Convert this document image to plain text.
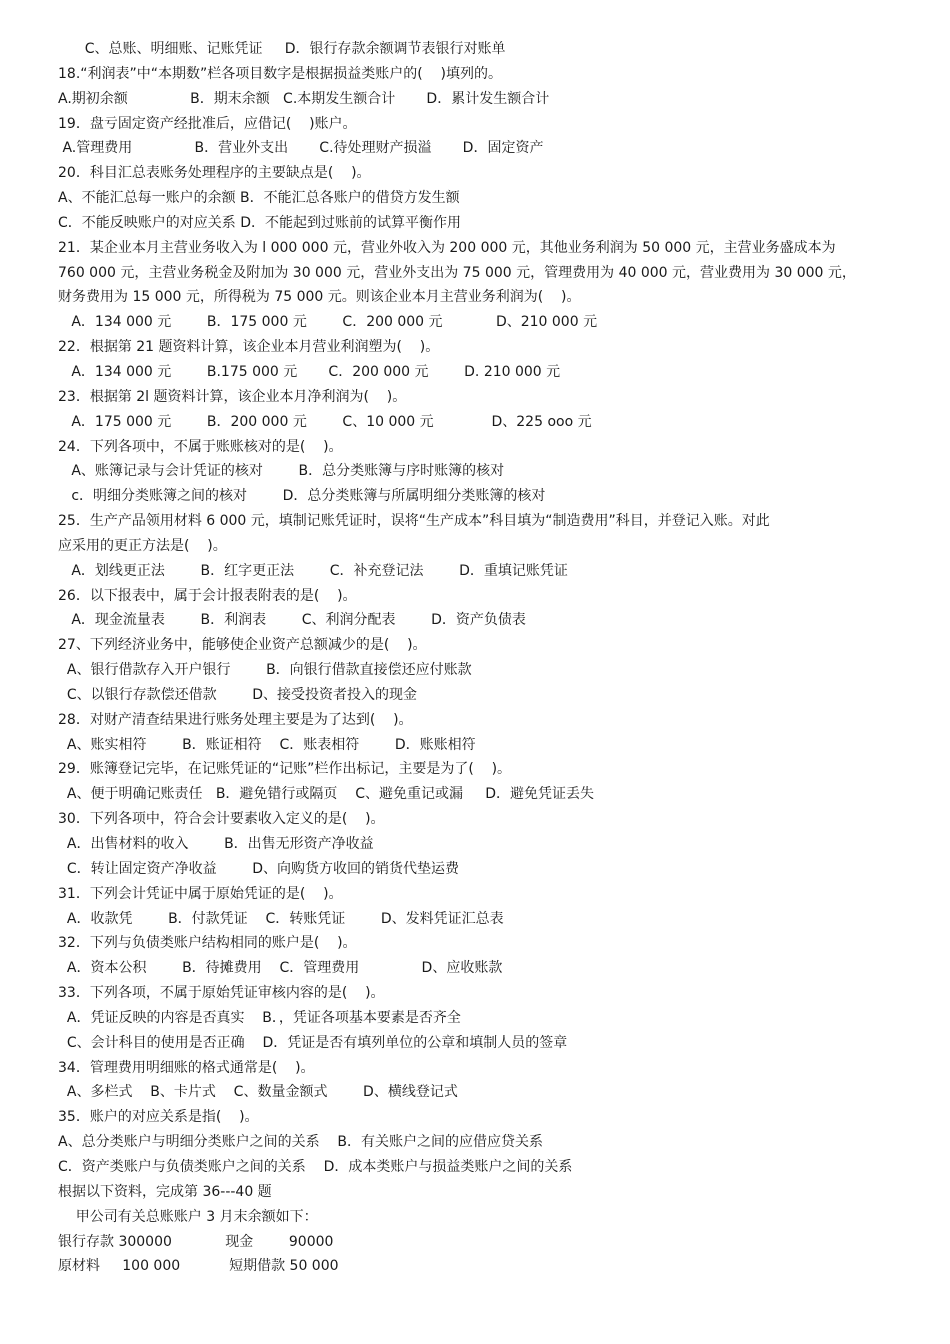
C、总账、明细账、记账凭证     D．银行存款余额调节表银行对账单
18.“利润表”中“本期数”栏各项目数字是根据损益类账户的(    )填列的。
A.期初余额              B．期末余额   C.本期发生额合计       D．累计发生额合计
19．盘亏固定资产经批准后，应借记(    )账户。
A.管理费用              B．营业外支出       C.待处理财产损溢       D．固定资产
20．科目汇总表账务处理程序的主要缺点是(    )。
A、不能汇总每一账户的余额 B．不能汇总各账户的借贷方发生额
C．不能反映账户的对应关系 D．不能起到过账前的试算平衡作用
21．某企业本月主营业务收入为 l 000 000 元，营业外收入为 200 000 元，其他业务利润为 50 000 元，主营业务盛成本为
760 000 元，主营业务税金及附加为 30 000 元，营业外支出为 75 000 元，管理费用为 40 000 元，营业费用为 30 000 元，
财务费用为 15 000 元，所得税为 75 000 元。则该企业本月主营业务利润为(    )。
A．134 000 元        B．175 000 元        C．200 000 元            D、210 000 元
22．根据第 21 题资料计算，该企业本月营业利润塑为(    )。
A．134 000 元        B.175 000 元       C．200 000 元        D. 210 000 元
23．根据第 2l 题资料计算，该企业本月净利润为(    )。
A．175 000 元        B．200 000 元        C、10 000 元             D、225 ooo 元
24．下列各项中，不属于账账核对的是(    )。
A、账簿记录与会计凭证的核对        B．总分类账簿与序时账簿的核对
c．明细分类账簿之间的核对        D．总分类账簿与所属明细分类账簿的核对
25．生产产品领用材料 6 000 元，填制记账凭证时，误将“生产成本”科目填为“制造费用”科目，并登记入账。对此
应采用的更正方法是(    )。
A．划线更正法        B．红字更正法        C．补充登记法        D．重填记账凭证
26．以下报表中，属于会计报表附表的是(    )。
A．现金流量表        B．利润表        C、利润分配表        D．资产负债表
27、下列经济业务中，能够使企业资产总额减少的是(    )。
A、银行借款存入开户银行        B．向银行借款直接偿还应付账款
C、以银行存款偿还借款        D、接受投资者投入的现金
28．对财产清查结果进行账务处理主要是为了达到(    )。
A、账实相符        B．账证相符    C．账表相符        D．账账相符
29．账簿登记完毕，在记账凭证的“记账”栏作出标记，主要是为了(    )。
A、便于明确记账责任   B．避免错行或隔页    C、避免重记或漏     D．避免凭证丢失
30．下列各项中，符合会计要素收入定义的是(    )。
A．出售材料的收入        B．出售无形资产净收益
C．转让固定资产净收益        D、向购货方收回的销货代垫运费
31．下列会计凭证中属于原始凭证的是(    )。
A．收款凭        B．付款凭证    C．转账凭证        D、发料凭证汇总表
32．下列与负债类账户结构相同的账户是(    )。
A．资本公积        B．待摊费用    C．管理费用              D、应收账款
33．下列各项，不属于原始凭证审核内容的是(    )。
A．凭证反映的内容是否真实    B．，凭证各项基本要素是否齐全
C、会计科目的使用是否正确    D．凭证是否有填列单位的公章和填制人员的签章
34．管理费用明细账的格式通常是(    )。
A、多栏式    B、卡片式    C、数量金额式        D、横线登记式
35．账户的对应关系是指(    )。
A、总分类账户与明细分类账户之间的关系    B．有关账户之间的应借应贷关系
C．资产类账户与负债类账户之间的关系    D．成本类账户与损益类账户之间的关系
根据以下资料，完成第 36---40 题
甲公司有关总账账户 3 月末余额如下：
银行存款 300000            现金        90000
原材料     100 000           短期借款 50 000
